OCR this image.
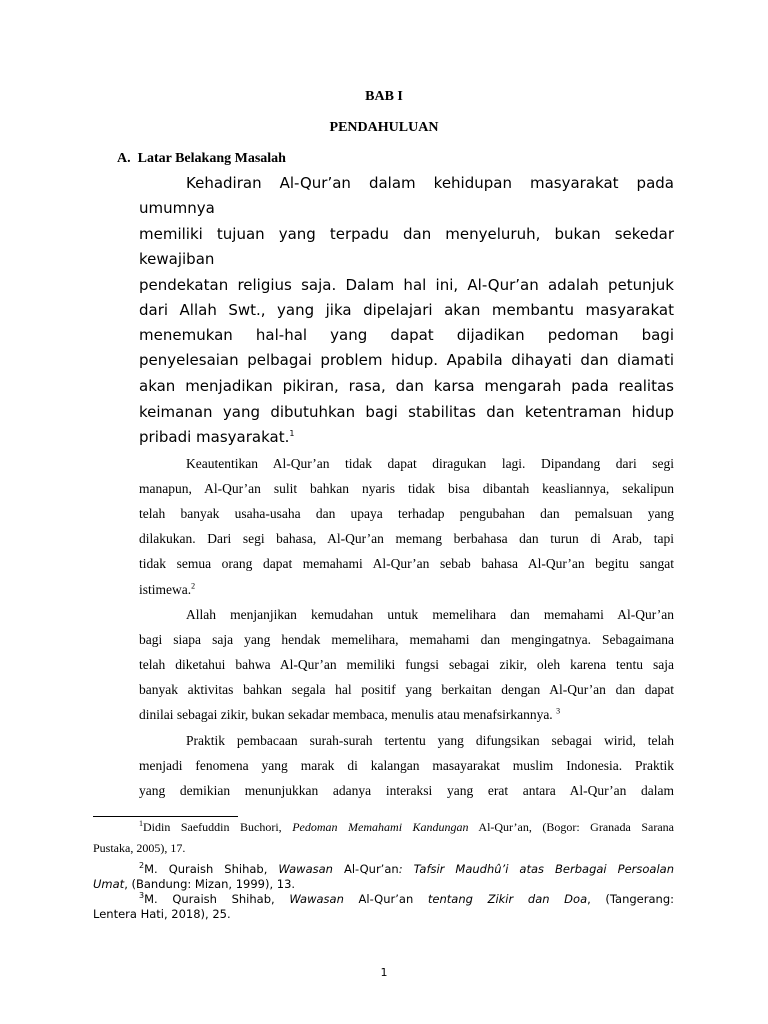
BAB I
PENDAHULUAN
A. Latar Belakang Masalah
Kehadiran Al-Qur’an dalam kehidupan masyarakat pada
umumnya
memiliki tujuan yang terpadu dan menyeluruh, bukan sekedar
kewajiban
pendekatan religius saja. Dalam hal ini, Al-Qur’an adalah petunjuk
dari Allah Swt., yang jika dipelajari akan membantu masyarakat
menemukan hal-hal yang dapat dijadikan pedoman bagi
penyelesaian pelbagai problem hidup. Apabila dihayati dan diamati
akan menjadikan pikiran, rasa, dan karsa mengarah pada realitas
keimanan yang dibutuhkan bagi stabilitas dan ketentraman hidup
pribadi masyarakat.$^1$
Keautentikan Al-Qur’an tidak dapat diragukan lagi. Dipandang dari segi
manapun, Al-Qur’an sulit bahkan nyaris tidak bisa dibantah keasliannya, sekalipun
telah banyak usaha-usaha dan upaya terhadap pengubahan dan pemalsuan yang
dilakukan. Dari segi bahasa, Al-Qur’an memang berbahasa dan turun di Arab, tapi
tidak semua orang dapat memahami Al-Qur’an sebab bahasa Al-Qur’an begitu sangat
istimewa.$^2$
Allah menjanjikan kemudahan untuk memelihara dan memahami Al-Qur’an
bagi siapa saja yang hendak memelihara, memahami dan mengingatnya. Sebagaimana
telah diketahui bahwa Al-Qur’an memiliki fungsi sebagai zikir, oleh karena tentu saja
banyak aktivitas bahkan segala hal positif yang berkaitan dengan Al-Qur’an dan dapat
dinilai sebagai zikir, bukan sekadar membaca, menulis atau menafsirkannya. $^3$
Praktik pembacaan surah-surah tertentu yang difungsikan sebagai wirid, telah
menjadi fenomena yang marak di kalangan masayarakat muslim Indonesia. Praktik
yang demikian menunjukkan adanya interaksi yang erat antara Al-Qur’an dalam
$^1$Didin Saefuddin Buchori, Pedoman Memahami Kandungan Al-Qur’an, (Bogor: Granada Sarana
Pustaka, 2005), 17.
$^2$M. Quraish Shihab, Wawasan Al-Qur’an: Tafsir Maudhû’i atas Berbagai Persoalan
Umat, (Bandung: Mizan, 1999), 13.
$^3$M. Quraish Shihab, Wawasan Al-Qur’an tentang Zikir dan Doa, (Tangerang:
Lentera Hati, 2018), 25.
1
